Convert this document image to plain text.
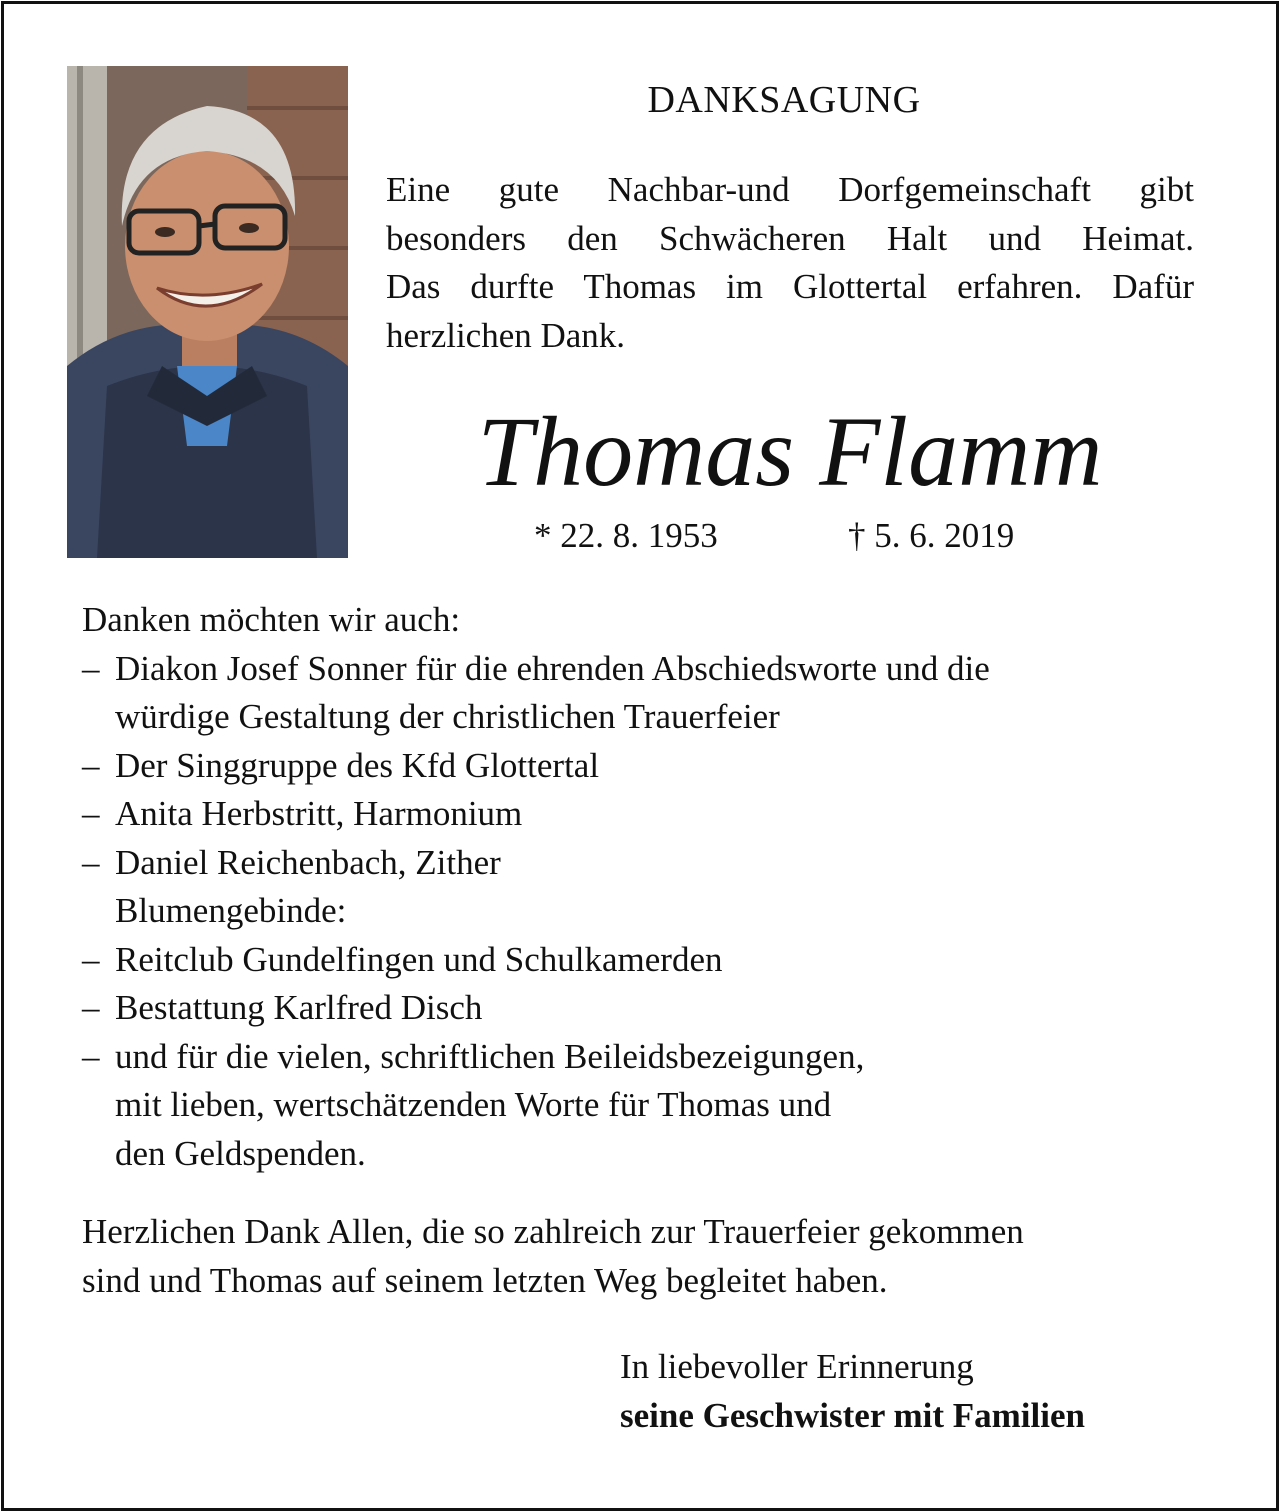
DANKSAGUNG
Eine gute Nachbar-und Dorfgemeinschaft gibt
besonders den Schwächeren Halt und Heimat.
Das durfte Thomas im Glottertal erfahren. Dafür
herzlichen Dank.
Thomas Flamm
* 22. 8. 1953	† 5. 6. 2019
Danken möchten wir auch:
– Diakon Josef Sonner für die ehrenden Abschiedsworte und die
würdige Gestaltung der christlichen Trauerfeier
– Der Singgruppe des Kfd Glottertal
– Anita Herbstritt, Harmonium
– Daniel Reichenbach, Zither
Blumengebinde:
– Reitclub Gundelfingen und Schulkamerden
– Bestattung Karlfred Disch
– und für die vielen, schriftlichen Beileidsbezeigungen,
mit lieben, wertschätzenden Worte für Thomas und
den Geldspenden.
Herzlichen Dank Allen, die so zahlreich zur Trauerfeier gekommen
sind und Thomas auf seinem letzten Weg begleitet haben.
In liebevoller Erinnerung
seine Geschwister mit Familien
